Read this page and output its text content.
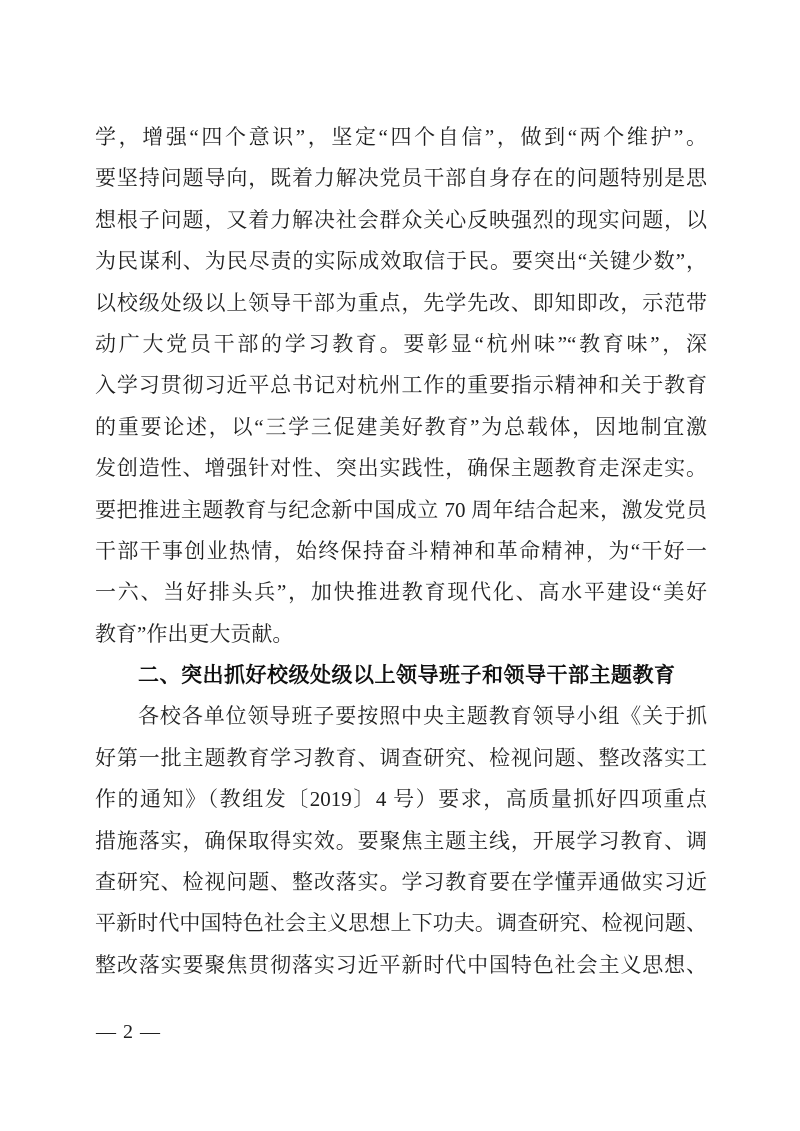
学，增强“四个意识”，坚定“四个自信”，做到“两个维护”。
要坚持问题导向，既着力解决党员干部自身存在的问题特别是思
想根子问题，又着力解决社会群众关心反映强烈的现实问题，以
为民谋利、为民尽责的实际成效取信于民。要突出“关键少数”，
以校级处级以上领导干部为重点，先学先改、即知即改，示范带
动广大党员干部的学习教育。要彰显“杭州味”“教育味”，深
入学习贯彻习近平总书记对杭州工作的重要指示精神和关于教育
的重要论述，以“三学三促建美好教育”为总载体，因地制宜激
发创造性、增强针对性、突出实践性，确保主题教育走深走实。
要把推进主题教育与纪念新中国成立 70 周年结合起来，激发党员
干部干事创业热情，始终保持奋斗精神和革命精神，为“干好一
一六、当好排头兵”，加快推进教育现代化、高水平建设“美好
教育”作出更大贡献。
二、突出抓好校级处级以上领导班子和领导干部主题教育
各校各单位领导班子要按照中央主题教育领导小组《关于抓
好第一批主题教育学习教育、调查研究、检视问题、整改落实工
作的通知》（教组发〔2019〕4 号）要求，高质量抓好四项重点
措施落实，确保取得实效。要聚焦主题主线，开展学习教育、调
查研究、检视问题、整改落实。学习教育要在学懂弄通做实习近
平新时代中国特色社会主义思想上下功夫。调查研究、检视问题、
整改落实要聚焦贯彻落实习近平新时代中国特色社会主义思想、
— 2 —
